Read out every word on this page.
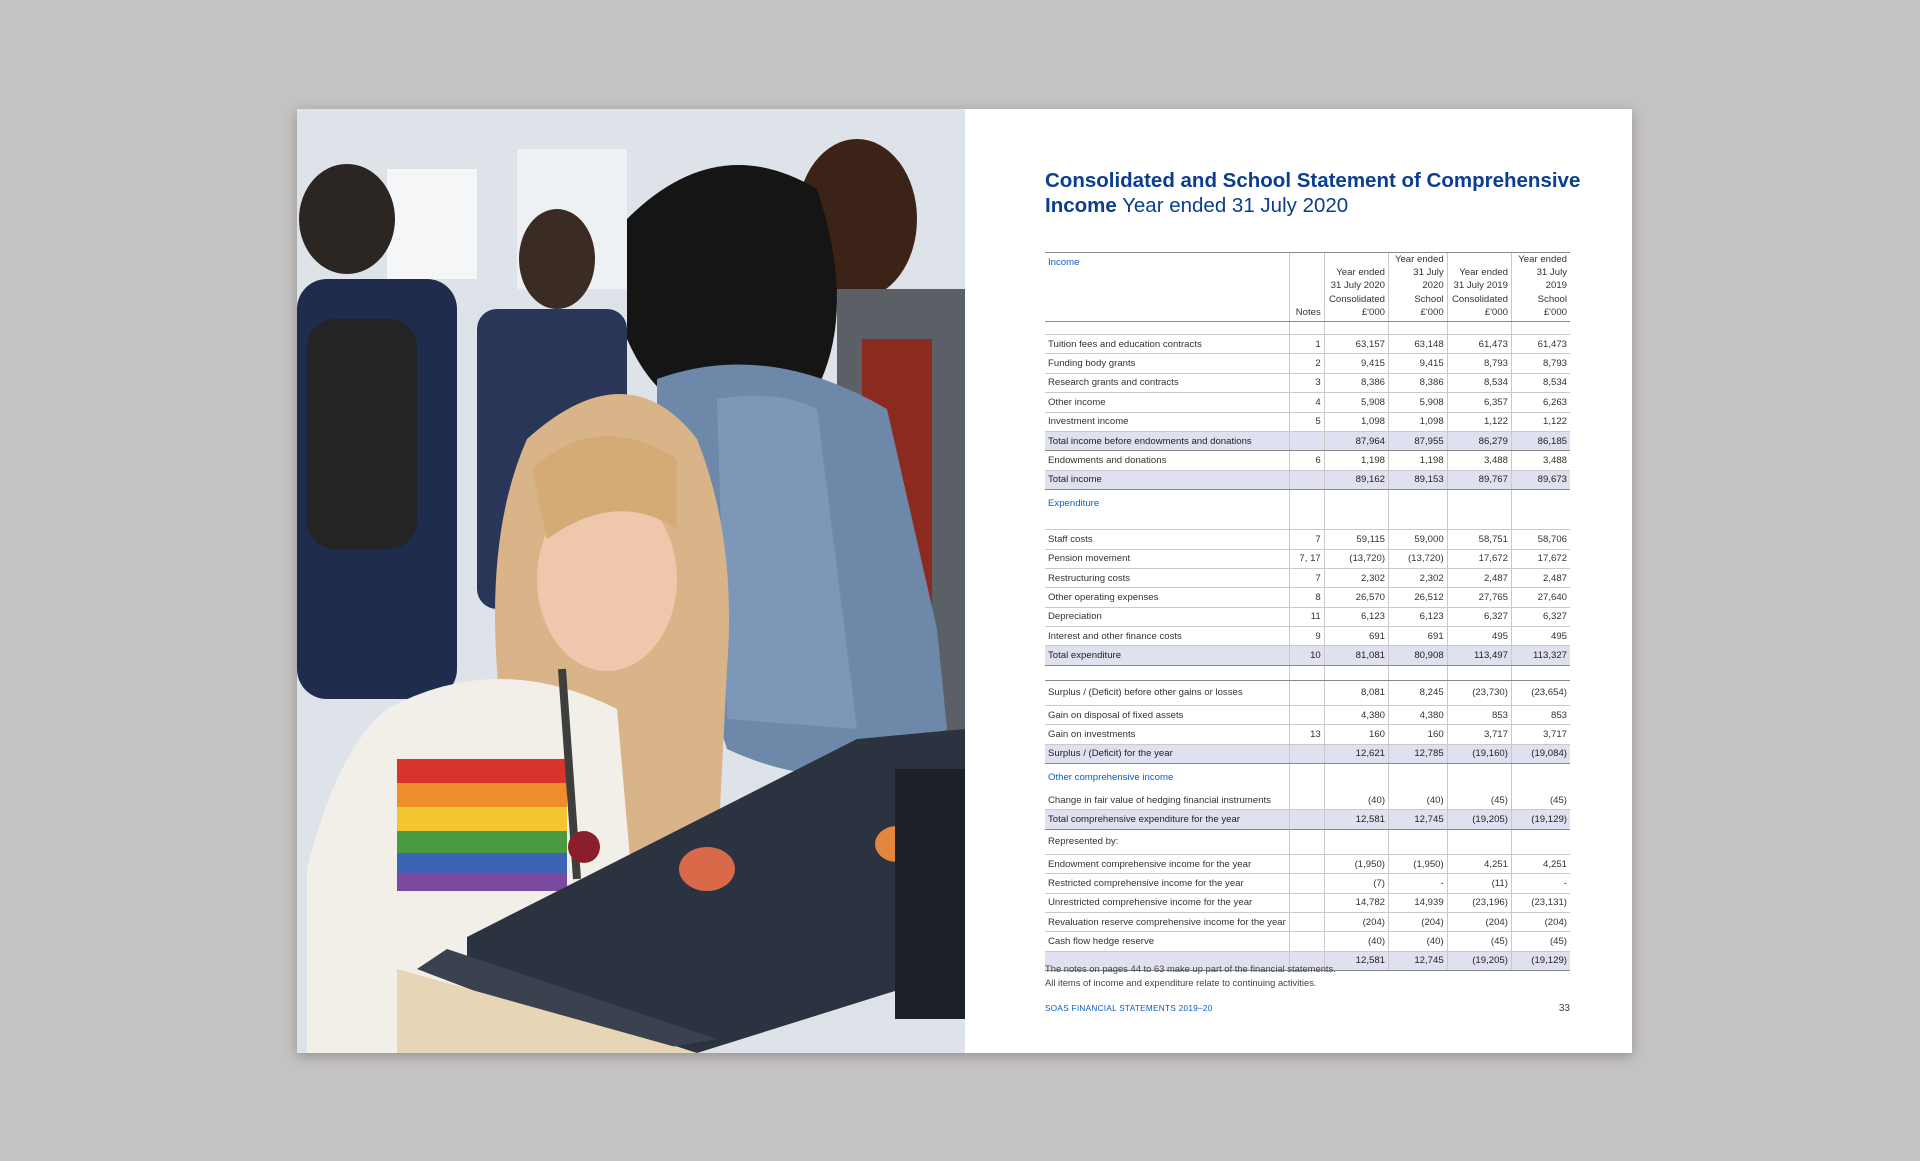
Consolidated and School Statement of Comprehensive Income Year ended 31 July 2020
Income	Notes	Year ended 31 July 2020 Consolidated £'000	Year ended 31 July 2020 School £'000	Year ended 31 July 2019 Consolidated £'000	Year ended 31 July 2019 School £'000

Tuition fees and education contracts	1	63,157	63,148	61,473	61,473
Funding body grants	2	9,415	9,415	8,793	8,793
Research grants and contracts	3	8,386	8,386	8,534	8,534
Other income	4	5,908	5,908	6,357	6,263
Investment income	5	1,098	1,098	1,122	1,122
Total income before endowments and donations		87,964	87,955	86,279	86,185
Endowments and donations	6	1,198	1,198	3,488	3,488
Total income		89,162	89,153	89,767	89,673
Expenditure					

Staff costs	7	59,115	59,000	58,751	58,706
Pension movement	7, 17	(13,720)	(13,720)	17,672	17,672
Restructuring costs	7	2,302	2,302	2,487	2,487
Other operating expenses	8	26,570	26,512	27,765	27,640
Depreciation	11	6,123	6,123	6,327	6,327
Interest and other finance costs	9	691	691	495	495
Total expenditure	10	81,081	80,908	113,497	113,327

Surplus / (Deficit) before other gains or losses		8,081	8,245	(23,730)	(23,654)
Gain on disposal of fixed assets		4,380	4,380	853	853
Gain on investments	13	160	160	3,717	3,717
Surplus / (Deficit) for the year		12,621	12,785	(19,160)	(19,084)
Other comprehensive income					
Change in fair value of hedging financial instruments		(40)	(40)	(45)	(45)
Total comprehensive expenditure for the year		12,581	12,745	(19,205)	(19,129)
Represented by:					
Endowment comprehensive income for the year		(1,950)	(1,950)	4,251	4,251
Restricted comprehensive income for the year		(7)	-	(11)	-
Unrestricted comprehensive income for the year		14,782	14,939	(23,196)	(23,131)
Revaluation reserve comprehensive income for the year		(204)	(204)	(204)	(204)
Cash flow hedge reserve		(40)	(40)	(45)	(45)
		12,581	12,745	(19,205)	(19,129)
The notes on pages 44 to 63 make up part of the financial statements.
All items of income and expenditure relate to continuing activities.
SOAS FINANCIAL STATEMENTS 2019–20	33
